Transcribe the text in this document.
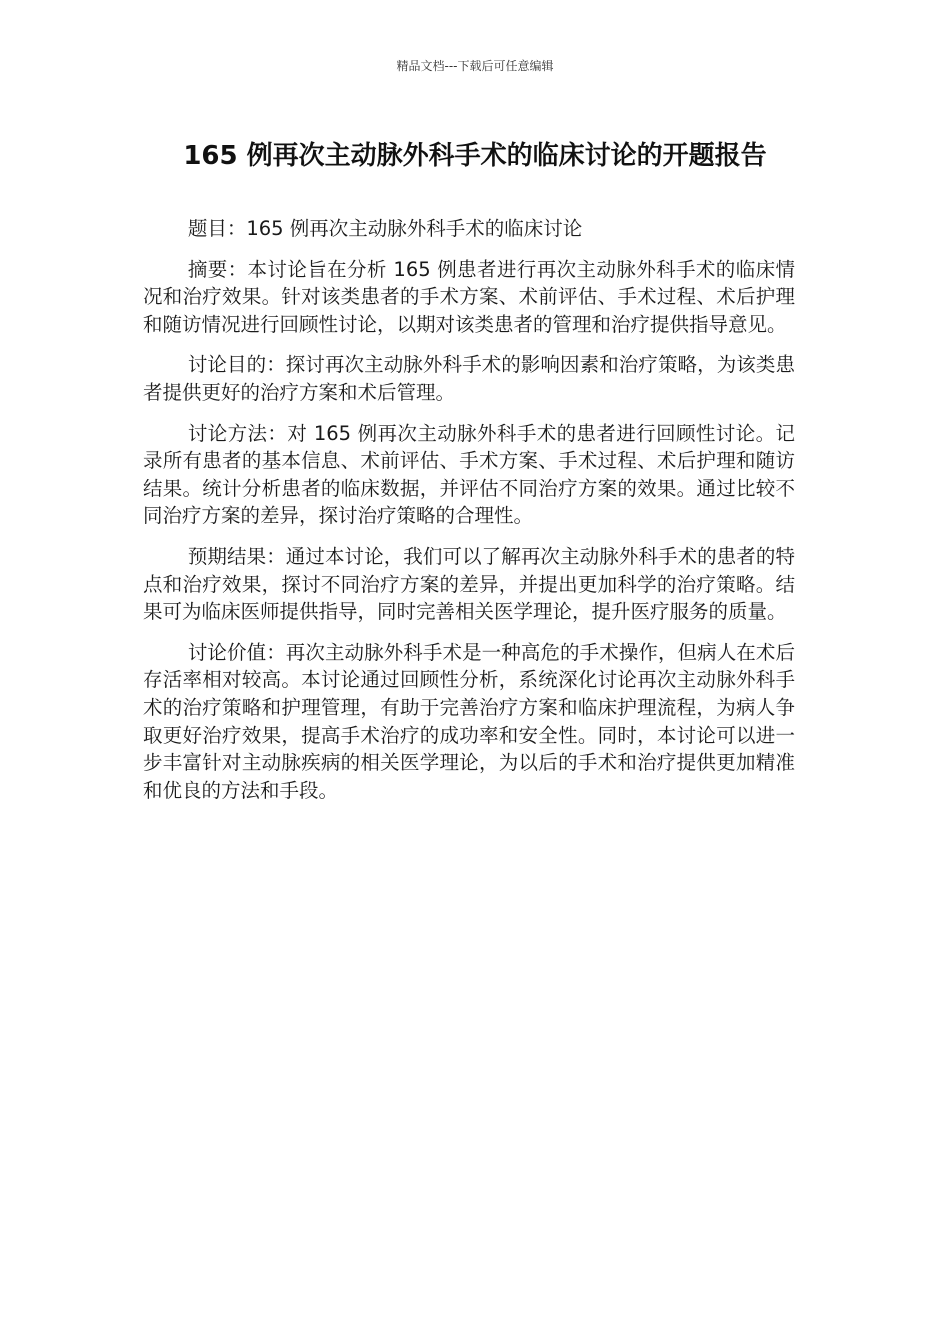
精品文档---下载后可任意编辑
165 例再次主动脉外科手术的临床讨论的开题报告

题目：165 例再次主动脉外科手术的临床讨论

摘要：本讨论旨在分析 165 例患者进行再次主动脉外科手术的临床情况和治疗效果。针对该类患者的手术方案、术前评估、手术过程、术后护理和随访情况进行回顾性讨论，以期对该类患者的管理和治疗提供指导意见。

讨论目的：探讨再次主动脉外科手术的影响因素和治疗策略，为该类患者提供更好的治疗方案和术后管理。

讨论方法：对 165 例再次主动脉外科手术的患者进行回顾性讨论。记录所有患者的基本信息、术前评估、手术方案、手术过程、术后护理和随访结果。统计分析患者的临床数据，并评估不同治疗方案的效果。通过比较不同治疗方案的差异，探讨治疗策略的合理性。

预期结果：通过本讨论，我们可以了解再次主动脉外科手术的患者的特点和治疗效果，探讨不同治疗方案的差异，并提出更加科学的治疗策略。结果可为临床医师提供指导，同时完善相关医学理论，提升医疗服务的质量。

讨论价值：再次主动脉外科手术是一种高危的手术操作，但病人在术后存活率相对较高。本讨论通过回顾性分析，系统深化讨论再次主动脉外科手术的治疗策略和护理管理，有助于完善治疗方案和临床护理流程，为病人争取更好治疗效果，提高手术治疗的成功率和安全性。同时，本讨论可以进一步丰富针对主动脉疾病的相关医学理论，为以后的手术和治疗提供更加精准和优良的方法和手段。
